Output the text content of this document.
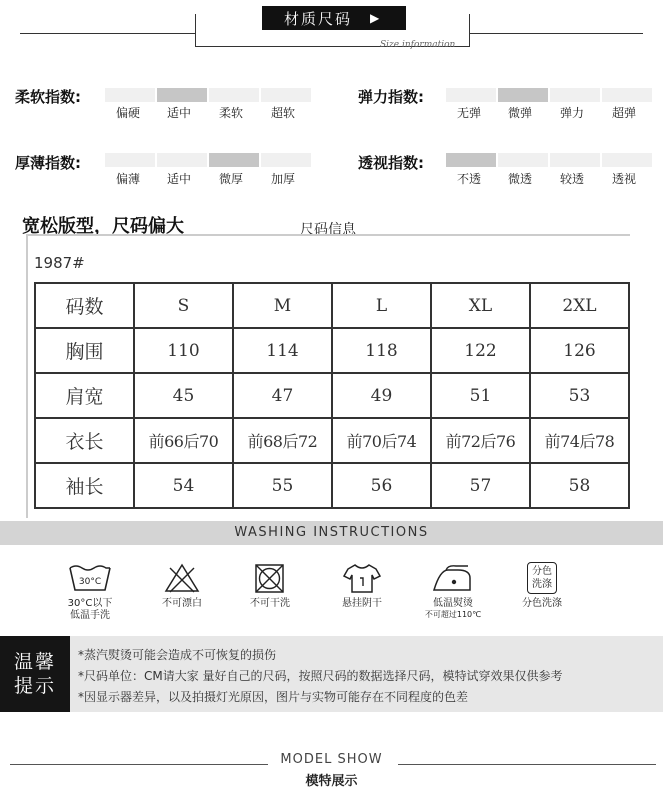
材质尺码 ▶
Size information
柔软指数:
偏硬 适中 柔软 超软
弹力指数:
无弹 微弹 弹力 超弹
厚薄指数:
偏薄 适中 微厚 加厚
透视指数:
不透 微透 较透 透视
宽松版型，尺码偏大	尺码信息
1987#
码数	S	M	L	XL	2XL
胸围	110	114	118	122	126
肩宽	45	47	49	51	53
衣长	前66后70	前68后72	前70后74	前72后76	前74后78
袖长	54	55	56	57	58
WASHING INSTRUCTIONS
30°C
30°C以下
低温手洗
不可漂白	不可干洗	悬挂阴干	低温熨烫
不可超过110℃
分色
洗涤
分色洗涤
温馨
提示
*蒸汽熨烫可能会造成不可恢复的损伤
*尺码单位：CM请大家 量好自己的尺码，按照尺码的数据选择尺码，模特试穿效果仅供参考
*因显示器差异，以及拍摄灯光原因，图片与实物可能存在不同程度的色差
MODEL SHOW
模特展示
